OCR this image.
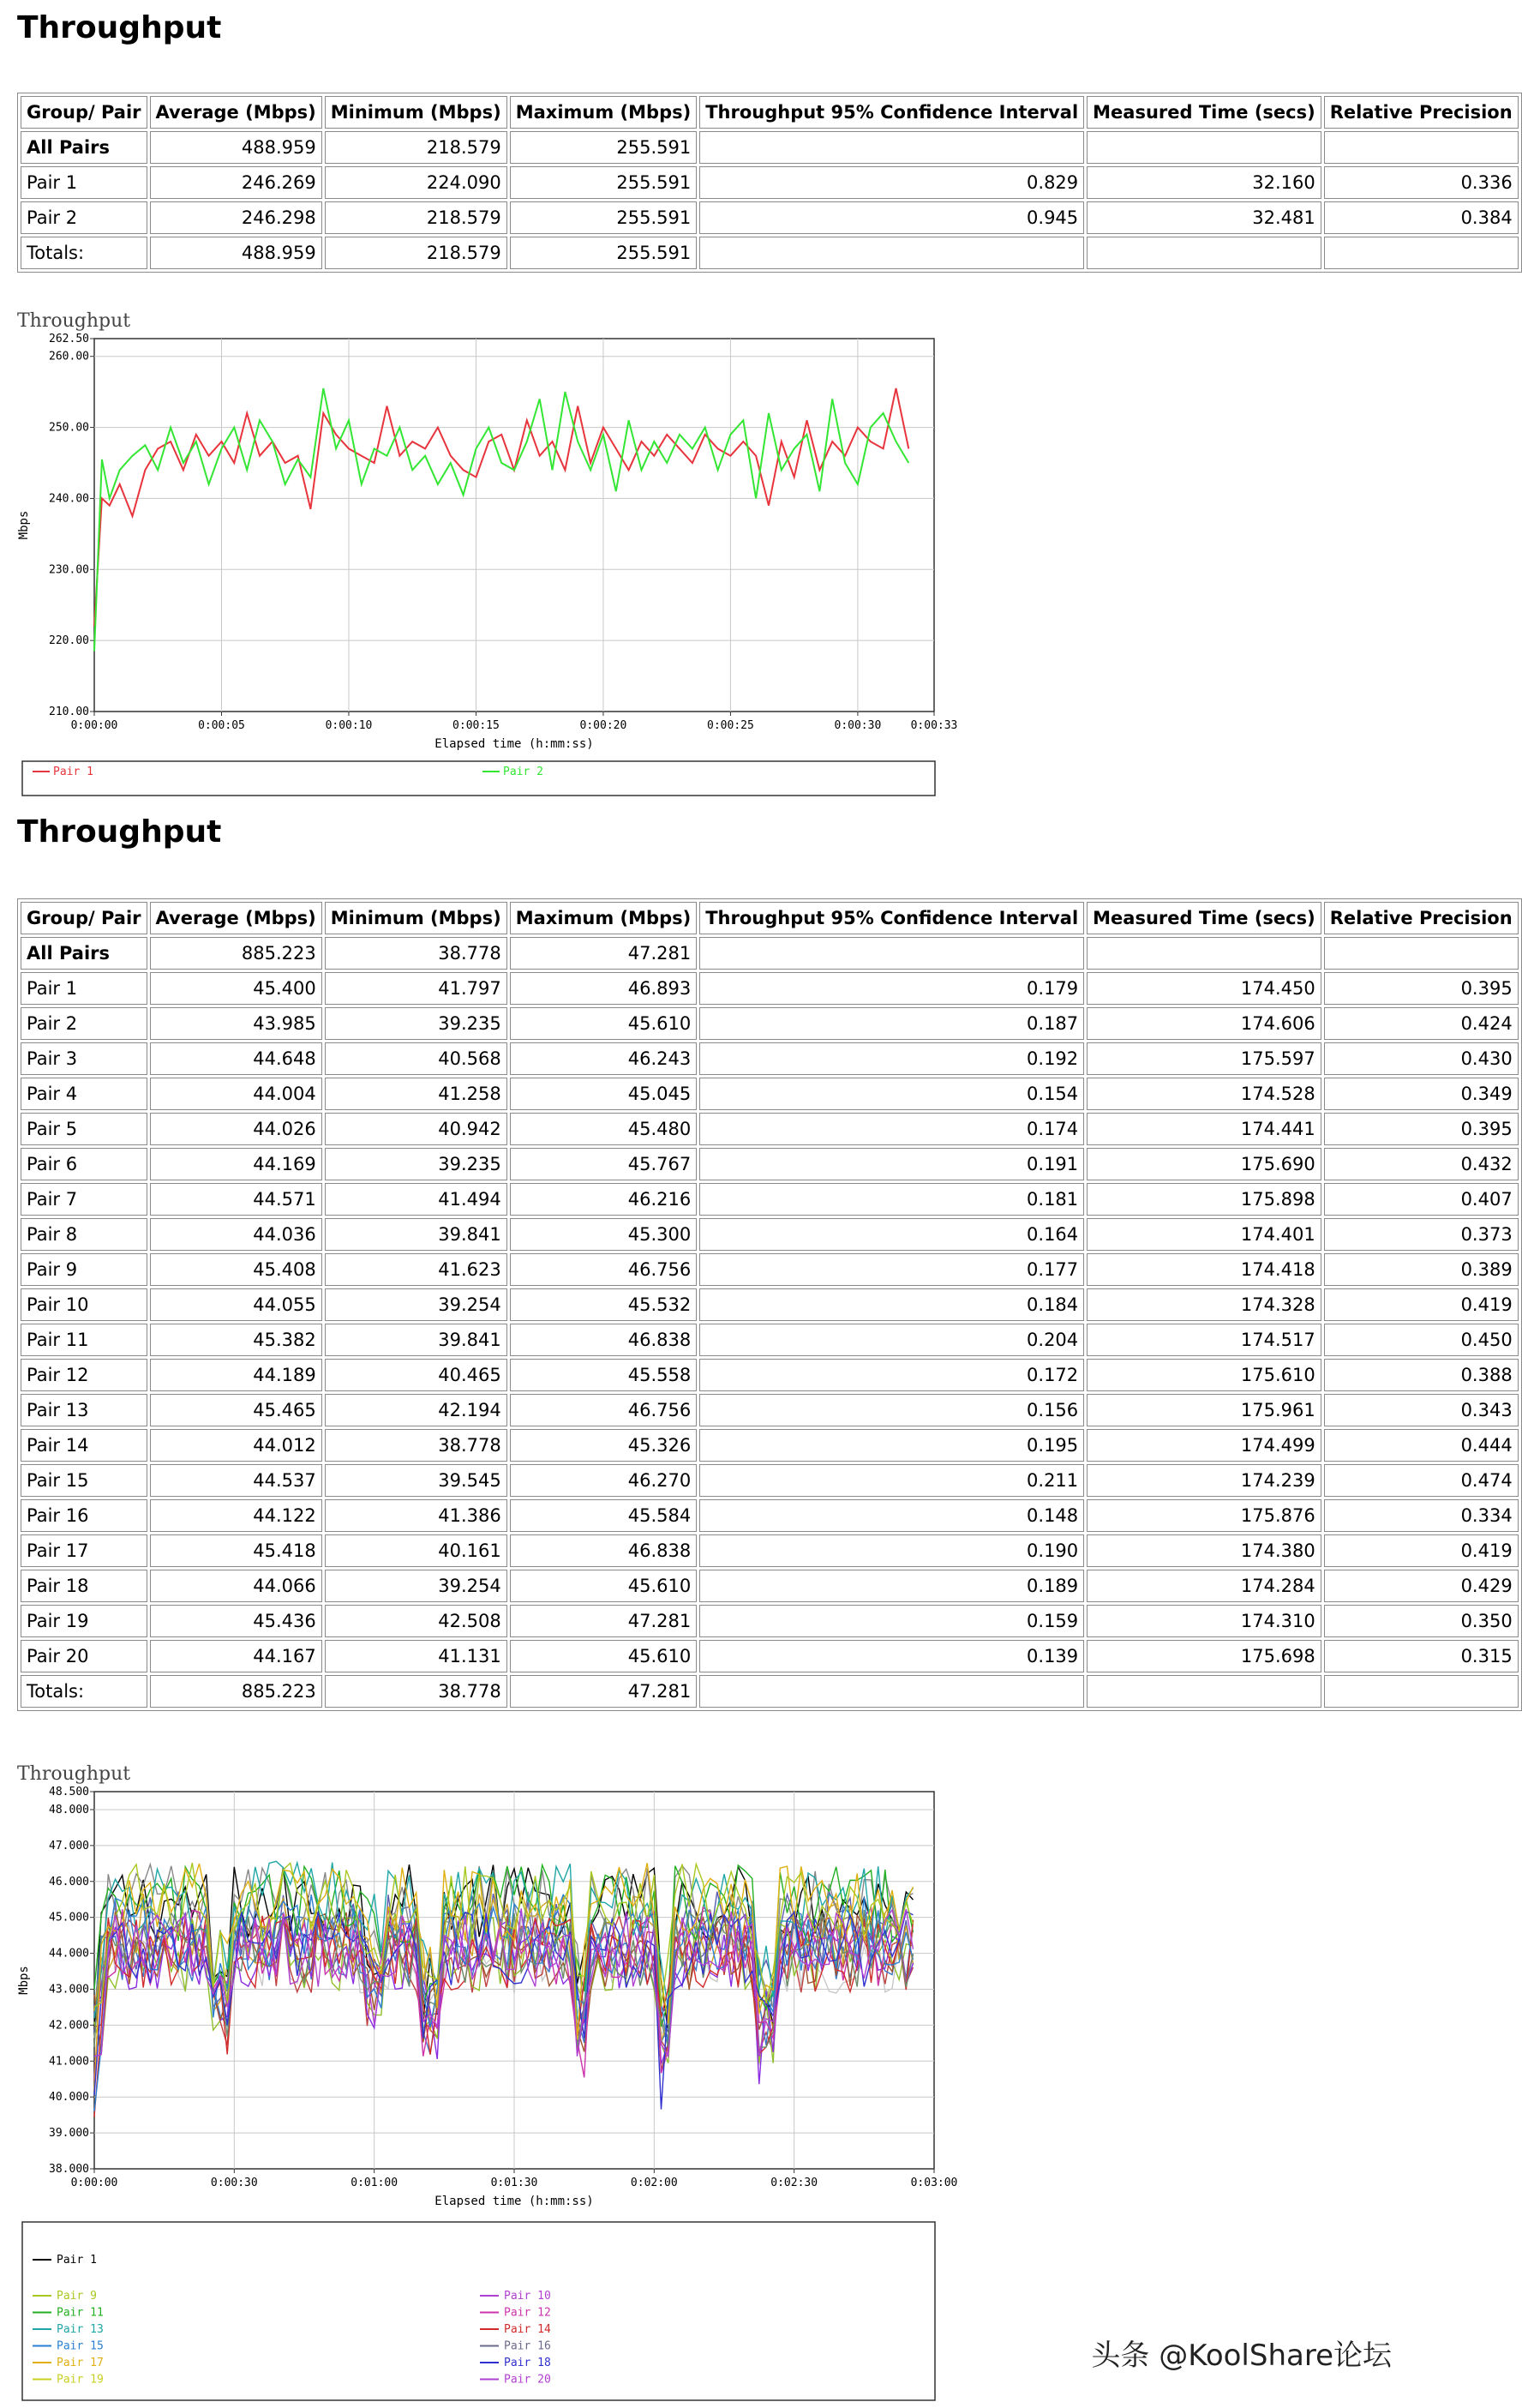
Throughput
Group/ Pair	Average (Mbps)	Minimum (Mbps)	Maximum (Mbps)	Throughput 95% Confidence Interval	Measured Time (secs)	Relative Precision
All Pairs	488.959	218.579	255.591			
Pair 1	246.269	224.090	255.591	0.829	32.160	0.336
Pair 2	246.298	218.579	255.591	0.945	32.481	0.384
Totals:	488.959	218.579	255.591			
Throughput
262.50
260.00
250.00
240.00
230.00
220.00
210.00
0:00:00	0:00:05	0:00:10	0:00:15	0:00:20	0:00:25	0:00:30	0:00:33
Elapsed time (h:mm:ss)
Mbps
Pair 1	Pair 2
Throughput
Group/ Pair	Average (Mbps)	Minimum (Mbps)	Maximum (Mbps)	Throughput 95% Confidence Interval	Measured Time (secs)	Relative Precision
All Pairs	885.223	38.778	47.281			
Pair 1	45.400	41.797	46.893	0.179	174.450	0.395
Pair 2	43.985	39.235	45.610	0.187	174.606	0.424
Pair 3	44.648	40.568	46.243	0.192	175.597	0.430
Pair 4	44.004	41.258	45.045	0.154	174.528	0.349
Pair 5	44.026	40.942	45.480	0.174	174.441	0.395
Pair 6	44.169	39.235	45.767	0.191	175.690	0.432
Pair 7	44.571	41.494	46.216	0.181	175.898	0.407
Pair 8	44.036	39.841	45.300	0.164	174.401	0.373
Pair 9	45.408	41.623	46.756	0.177	174.418	0.389
Pair 10	44.055	39.254	45.532	0.184	174.328	0.419
Pair 11	45.382	39.841	46.838	0.204	174.517	0.450
Pair 12	44.189	40.465	45.558	0.172	175.610	0.388
Pair 13	45.465	42.194	46.756	0.156	175.961	0.343
Pair 14	44.012	38.778	45.326	0.195	174.499	0.444
Pair 15	44.537	39.545	46.270	0.211	174.239	0.474
Pair 16	44.122	41.386	45.584	0.148	175.876	0.334
Pair 17	45.418	40.161	46.838	0.190	174.380	0.419
Pair 18	44.066	39.254	45.610	0.189	174.284	0.429
Pair 19	45.436	42.508	47.281	0.159	174.310	0.350
Pair 20	44.167	41.131	45.610	0.139	175.698	0.315
Totals:	885.223	38.778	47.281			
Throughput
48.500
48.000
47.000
46.000
45.000
44.000
43.000
42.000
41.000
40.000
39.000
38.000
0:00:00	0:00:30	0:01:00	0:01:30	0:02:00	0:02:30	0:03:00
Elapsed time (h:mm:ss)
Mbps
Pair 1
Pair 9
Pair 11
Pair 13
Pair 15
Pair 17
Pair 19
Pair 10
Pair 12
Pair 14
Pair 16
Pair 18
Pair 20
头条 @KoolShare论坛
